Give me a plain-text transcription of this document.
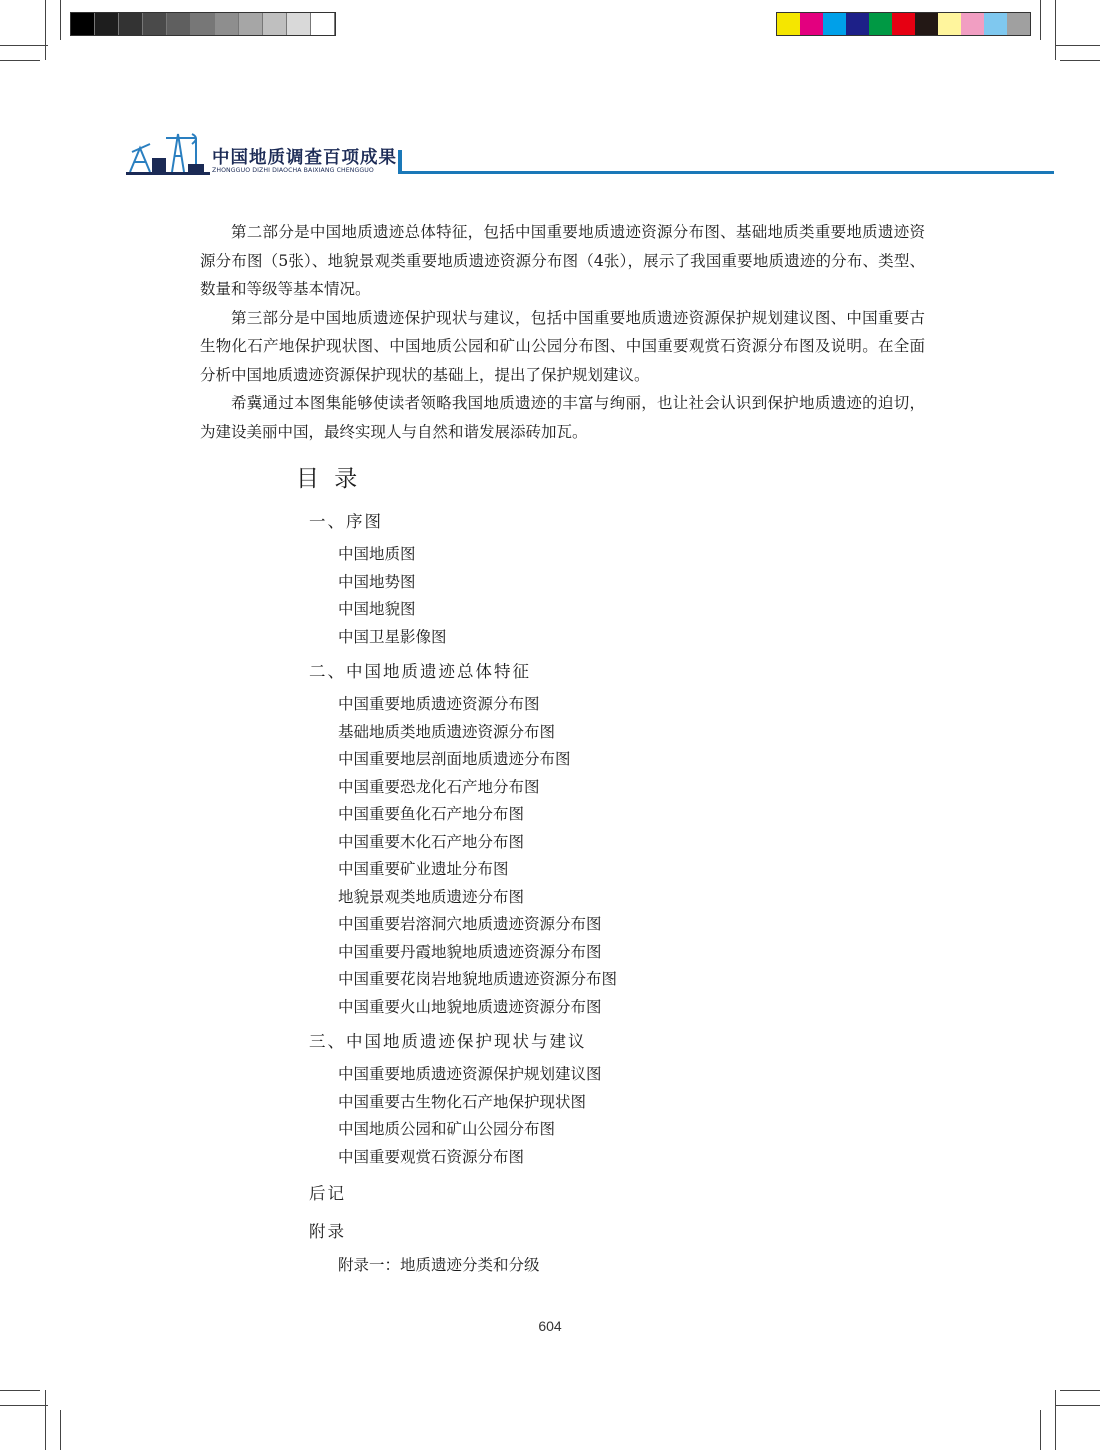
中国地质调查百项成果
ZHONGGUO DIZHI DIAOCHA BAIXIANG CHENGGUO

第二部分是中国地质遗迹总体特征，包括中国重要地质遗迹资源分布图、基础地质类重要地质遗迹资源分布图（5张）、地貌景观类重要地质遗迹资源分布图（4张），展示了我国重要地质遗迹的分布、类型、数量和等级等基本情况。

第三部分是中国地质遗迹保护现状与建议，包括中国重要地质遗迹资源保护规划建议图、中国重要古生物化石产地保护现状图、中国地质公园和矿山公园分布图、中国重要观赏石资源分布图及说明。在全面分析中国地质遗迹资源保护现状的基础上，提出了保护规划建议。

希冀通过本图集能够使读者领略我国地质遗迹的丰富与绚丽，也让社会认识到保护地质遗迹的迫切，为建设美丽中国，最终实现人与自然和谐发展添砖加瓦。

目 录
一、序图
中国地质图
中国地势图
中国地貌图
中国卫星影像图
二、中国地质遗迹总体特征
中国重要地质遗迹资源分布图
基础地质类地质遗迹资源分布图
中国重要地层剖面地质遗迹分布图
中国重要恐龙化石产地分布图
中国重要鱼化石产地分布图
中国重要木化石产地分布图
中国重要矿业遗址分布图
地貌景观类地质遗迹分布图
中国重要岩溶洞穴地质遗迹资源分布图
中国重要丹霞地貌地质遗迹资源分布图
中国重要花岗岩地貌地质遗迹资源分布图
中国重要火山地貌地质遗迹资源分布图
三、中国地质遗迹保护现状与建议
中国重要地质遗迹资源保护规划建议图
中国重要古生物化石产地保护现状图
中国地质公园和矿山公园分布图
中国重要观赏石资源分布图
后记
附录
附录一：地质遗迹分类和分级
604
